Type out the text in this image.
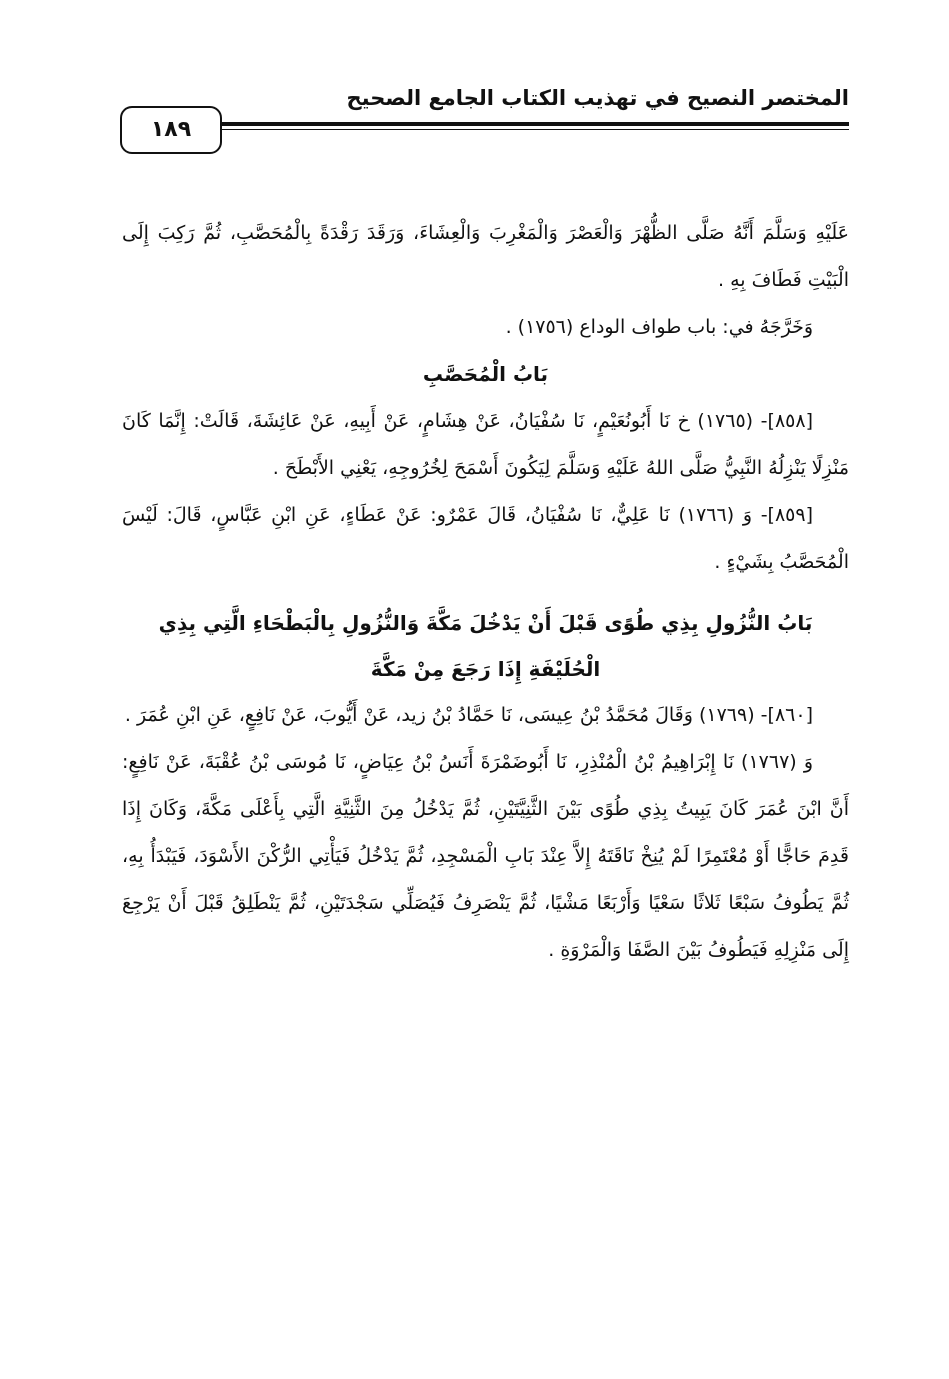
المختصر النصيح في تهذيب الكتاب الجامع الصحيح
١٨٩

عَلَيْهِ وَسَلَّمَ أَنَّهُ صَلَّى الظُّهْرَ وَالْعَصْرَ وَالْمَغْرِبَ وَالْعِشَاءَ، وَرَقَدَ رَقْدَةً بِالْمُحَصَّبِ، ثُمَّ رَكِبَ إِلَى الْبَيْتِ فَطَافَ بِهِ .

وَخَرَّجَهُ في: باب طواف الوداع (١٧٥٦) .

بَابُ الْمُحَصَّبِ

[٨٥٨]- (١٧٦٥) خ نَا أَبُونُعَيْمٍ، نَا سُفْيَانُ، عَنْ هِشَامٍ، عَنْ أَبِيهِ، عَنْ عَائِشَةَ، قَالَتْ: إِنَّمَا كَانَ مَنْزِلًا يَنْزِلُهُ النَّبِيُّ صَلَّى اللهُ عَلَيْهِ وَسَلَّمَ لِيَكُونَ أَسْمَحَ لِخُرُوجِهِ، يَعْنِي الأَبْطَحَ .

[٨٥٩]- وَ (١٧٦٦) نَا عَلِيٌّ، نَا سُفْيَانُ، قَالَ عَمْرٌو: عَنْ عَطَاءٍ، عَنِ ابْنِ عَبَّاسٍ، قَالَ: لَيْسَ الْمُحَصَّبُ بِشَيْءٍ .

بَابُ النُّزُولِ بِذِي طُوًى قَبْلَ أَنْ يَدْخُلَ مَكَّةَ وَالنُّزُولِ بِالْبَطْحَاءِ الَّتِي بِذِي الْحُلَيْفَةِ إِذَا رَجَعَ مِنْ مَكَّةَ

[٨٦٠]- (١٧٦٩) وَقَالَ مُحَمَّدُ بْنُ عِيسَى، نَا حَمَّادُ بْنُ زيد، عَنْ أَيُّوبَ، عَنْ نَافِعٍ، عَنِ ابْنِ عُمَرَ .

وَ (١٧٦٧) نَا إِبْرَاهِيمُ بْنُ الْمُنْذِرِ، نَا أَبُوضَمْرَةَ أَنَسُ بْنُ عِيَاضٍ، نَا مُوسَى بْنُ عُقْبَةَ، عَنْ نَافِعٍ: أَنَّ ابْنَ عُمَرَ كَانَ يَبِيتُ بِذِي طُوًى بَيْنَ الثَّنِيَّتَيْنِ، ثُمَّ يَدْخُلُ مِنَ الثَّنِيَّةِ الَّتِي بِأَعْلَى مَكَّةَ، وَكَانَ إِذَا قَدِمَ حَاجًّا أَوْ مُعْتَمِرًا لَمْ يُنِخْ نَاقَتَهُ إِلاَّ عِنْدَ بَابِ الْمَسْجِدِ، ثُمَّ يَدْخُلُ فَيَأْتِي الرُّكْنَ الأَسْوَدَ، فَيَبْدَأُ بِهِ، ثُمَّ يَطُوفُ سَبْعًا ثَلاثًا سَعْيًا وَأَرْبَعًا مَشْيًا، ثُمَّ يَنْصَرِفُ فَيُصَلِّي سَجْدَتَيْنِ، ثُمَّ يَنْطَلِقُ قَبْلَ أَنْ يَرْجِعَ إِلَى مَنْزِلِهِ فَيَطُوفُ بَيْنَ الصَّفَا وَالْمَرْوَةِ .
